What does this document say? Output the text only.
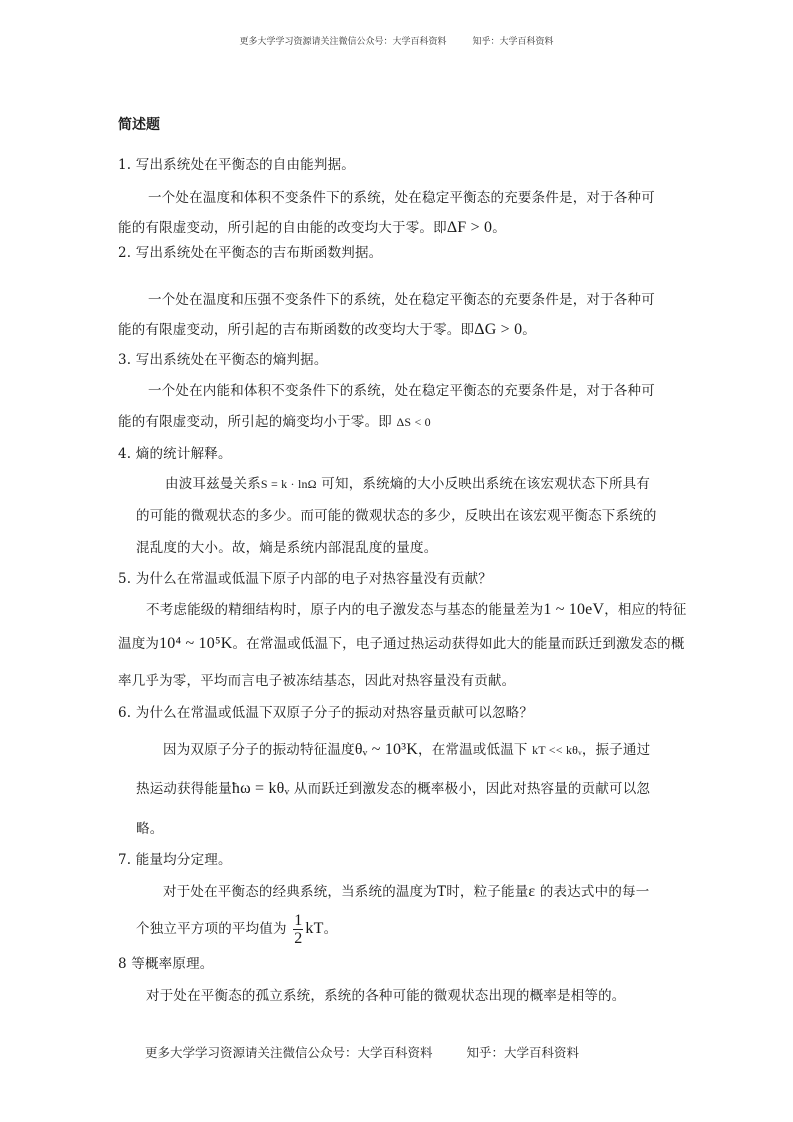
更多大学学习资源请关注微信公众号：大学百科资料	知乎：大学百科资料
简述题
1. 写出系统处在平衡态的自由能判据。
一个处在温度和体积不变条件下的系统，处在稳定平衡态的充要条件是，对于各种可
能的有限虚变动，所引起的自由能的改变均大于零。即ΔF > 0。
2. 写出系统处在平衡态的吉布斯函数判据。
一个处在温度和压强不变条件下的系统，处在稳定平衡态的充要条件是，对于各种可
能的有限虚变动，所引起的吉布斯函数的改变均大于零。即ΔG > 0。
3. 写出系统处在平衡态的熵判据。
一个处在内能和体积不变条件下的系统，处在稳定平衡态的充要条件是，对于各种可
能的有限虚变动，所引起的熵变均小于零。即 ΔS < 0
4. 熵的统计解释。
由波耳兹曼关系S = k · lnΩ 可知，系统熵的大小反映出系统在该宏观状态下所具有
的可能的微观状态的多少。而可能的微观状态的多少，反映出在该宏观平衡态下系统的
混乱度的大小。故，熵是系统内部混乱度的量度。
5. 为什么在常温或低温下原子内部的电子对热容量没有贡献？
不考虑能级的精细结构时，原子内的电子激发态与基态的能量差为1 ~ 10eV，相应的特征
温度为10⁴ ~ 10⁵K。在常温或低温下，电子通过热运动获得如此大的能量而跃迁到激发态的概
率几乎为零，平均而言电子被冻结基态，因此对热容量没有贡献。
6. 为什么在常温或低温下双原子分子的振动对热容量贡献可以忽略？
因为双原子分子的振动特征温度θᵥ ~ 10³K，在常温或低温下 kT << kθᵥ，振子通过
热运动获得能量ħω = kθᵥ 从而跃迁到激发态的概率极小，因此对热容量的贡献可以忽
略。
7. 能量均分定理。
对于处在平衡态的经典系统，当系统的温度为T时，粒子能量ε 的表达式中的每一
个独立平方项的平均值为 $\frac{1}{2}$ kT。
8 等概率原理。
对于处在平衡态的孤立系统，系统的各种可能的微观状态出现的概率是相等的。
更多大学学习资源请关注微信公众号：大学百科资料	知乎：大学百科资料
